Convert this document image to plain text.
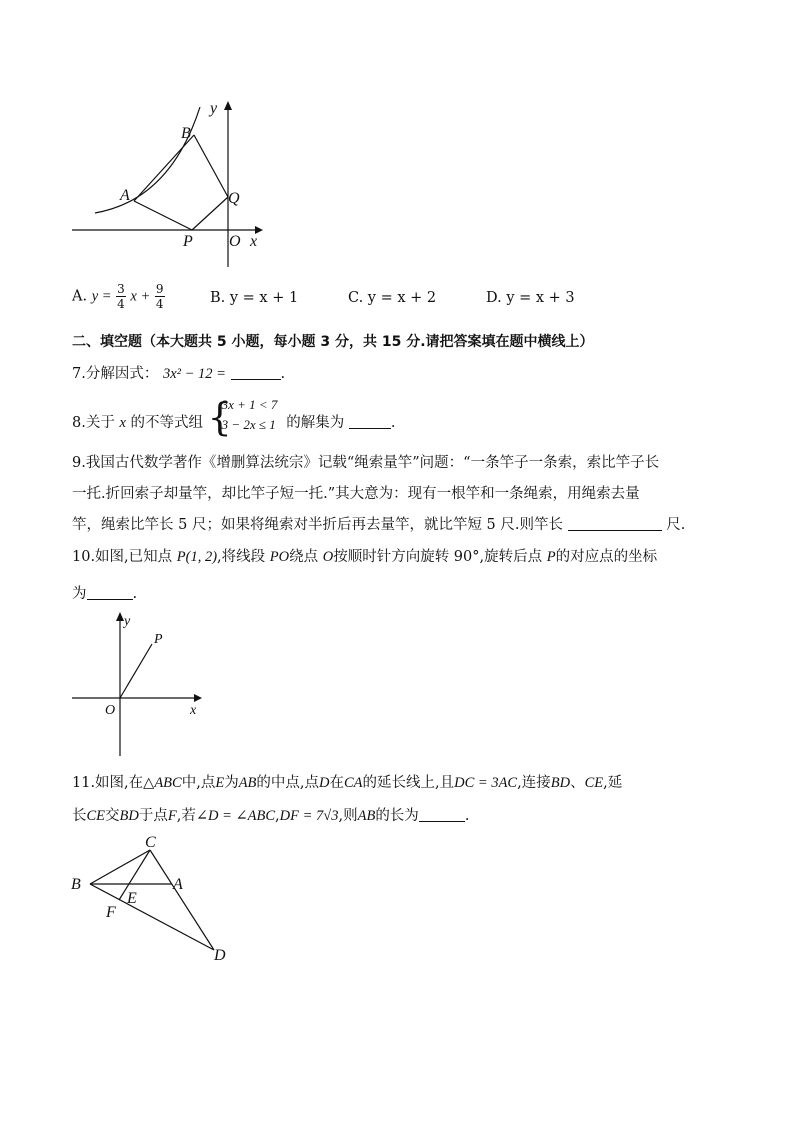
y
B
A	Q
P O x
A. $y = \frac{3}{4}$ $x + \frac{9}{4}$	B. y = x + 1	C. y = x + 2	D. y = x + 3
二、填空题（本大题共 5 小题，每小题 3 分，共 15 分.请把答案填在题中横线上）
7.分解因式： 3x² − 12 =	.
8.关于 x 的不等式组 {
3x + 1 < 7
3 − 2x ≤ 1 的解集为	.
9.我国古代数学著作《增删算法统宗》记载“绳索量竿”问题：“一条竿子一条索，索比竿子长
一托.折回索子却量竿，却比竿子短一托.”其大意为：现有一根竿和一条绳索，用绳索去量
竿，绳索比竿长 5 尺；如果将绳索对半折后再去量竿，就比竿短 5 尺.则竿长	尺.
10.如图,已知点 P(1, 2),将线段 PO绕点 O按顺时针方向旋转 90°,旋转后点 P的对应点的坐标
为	.
y
P
O	x
11.如图,在△ABC中,点E为AB的中点,点D在CA的延长线上,且DC = 3AC,连接BD、CE,延
长CE交BD于点F,若∠D = ∠ABC,DF = 7√3,则AB的长为	.
C
B	A
E
F
D
